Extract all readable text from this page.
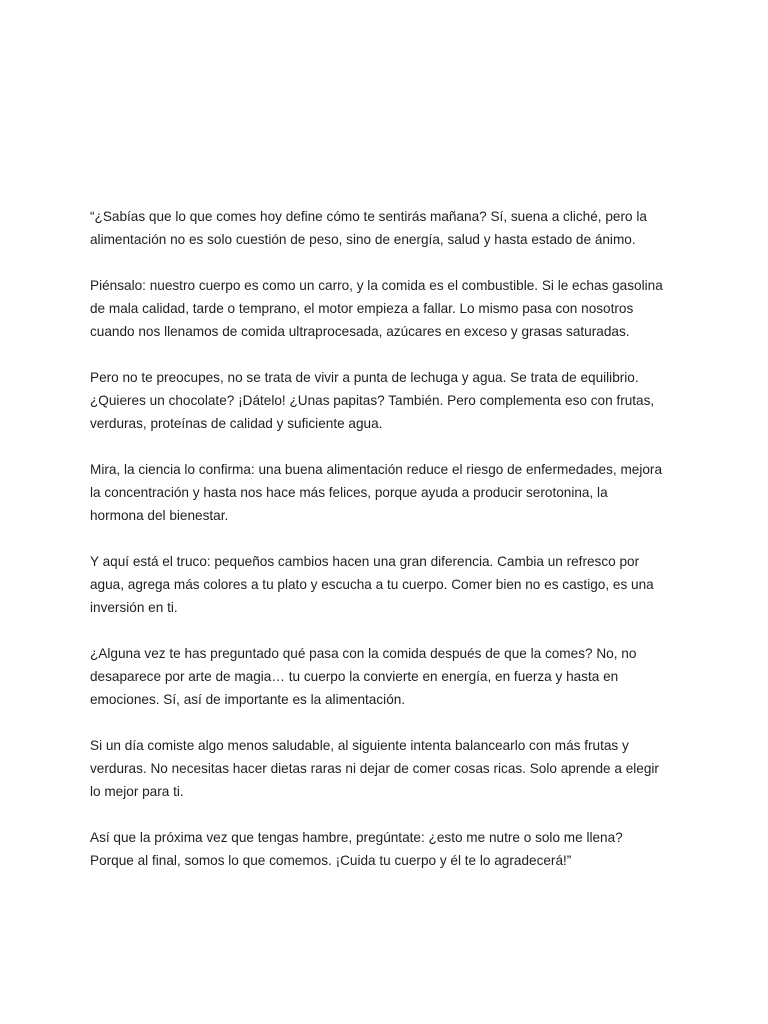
“¿Sabías que lo que comes hoy define cómo te sentirás mañana? Sí, suena a cliché, pero la
alimentación no es solo cuestión de peso, sino de energía, salud y hasta estado de ánimo.

Piénsalo: nuestro cuerpo es como un carro, y la comida es el combustible. Si le echas gasolina
de mala calidad, tarde o temprano, el motor empieza a fallar. Lo mismo pasa con nosotros
cuando nos llenamos de comida ultraprocesada, azúcares en exceso y grasas saturadas.

Pero no te preocupes, no se trata de vivir a punta de lechuga y agua. Se trata de equilibrio.
¿Quieres un chocolate? ¡Dátelo! ¿Unas papitas? También. Pero complementa eso con frutas,
verduras, proteínas de calidad y suficiente agua.

Mira, la ciencia lo confirma: una buena alimentación reduce el riesgo de enfermedades, mejora
la concentración y hasta nos hace más felices, porque ayuda a producir serotonina, la
hormona del bienestar.

Y aquí está el truco: pequeños cambios hacen una gran diferencia. Cambia un refresco por
agua, agrega más colores a tu plato y escucha a tu cuerpo. Comer bien no es castigo, es una
inversión en ti.

¿Alguna vez te has preguntado qué pasa con la comida después de que la comes? No, no
desaparece por arte de magia… tu cuerpo la convierte en energía, en fuerza y hasta en
emociones. Sí, así de importante es la alimentación.

Si un día comiste algo menos saludable, al siguiente intenta balancearlo con más frutas y
verduras. No necesitas hacer dietas raras ni dejar de comer cosas ricas. Solo aprende a elegir
lo mejor para ti.

Así que la próxima vez que tengas hambre, pregúntate: ¿esto me nutre o solo me llena?
Porque al final, somos lo que comemos. ¡Cuida tu cuerpo y él te lo agradecerá!”
